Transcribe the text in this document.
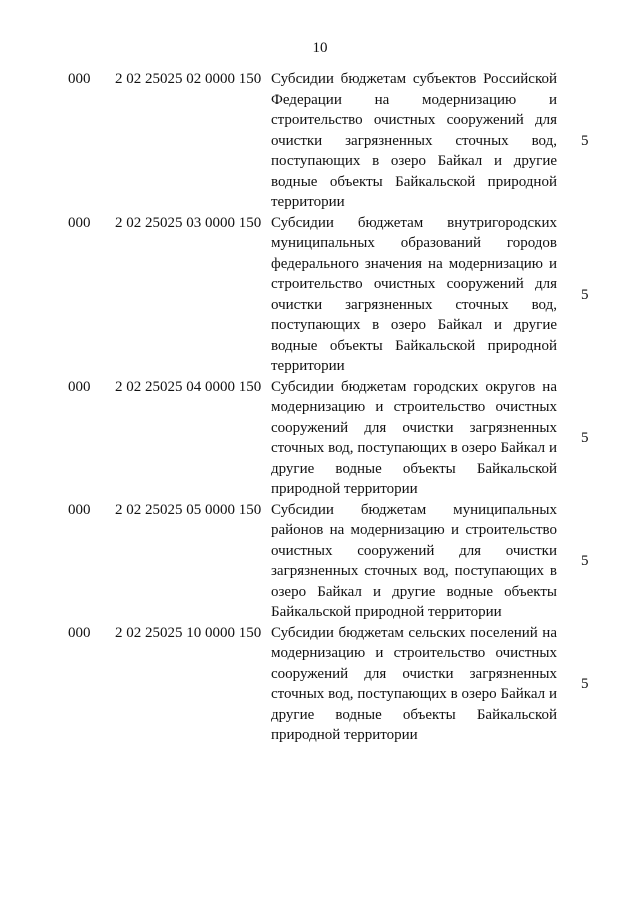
10
000 2 02 25025 02 0000 150 Субсидии бюджетам субъектов Российской Федерации на модернизацию и строительство очистных сооружений для очистки загрязненных сточных вод, поступающих в озеро Байкал и другие водные объекты Байкальской природной территории
5
000 2 02 25025 03 0000 150 Субсидии бюджетам внутригородских муниципальных образований городов федерального значения на модернизацию и строительство очистных сооружений для очистки загрязненных сточных вод, поступающих в озеро Байкал и другие водные объекты Байкальской природной территории
5
000 2 02 25025 04 0000 150 Субсидии бюджетам городских округов на модернизацию и строительство очистных сооружений для очистки загрязненных сточных вод, поступающих в озеро Байкал и другие водные объекты Байкальской природной территории
5
000 2 02 25025 05 0000 150 Субсидии бюджетам муниципальных районов на модернизацию и строительство очистных сооружений для очистки загрязненных сточных вод, поступающих в озеро Байкал и другие водные объекты Байкальской природной территории
5
000 2 02 25025 10 0000 150 Субсидии бюджетам сельских поселений на модернизацию и строительство очистных сооружений для очистки загрязненных сточных вод, поступающих в озеро Байкал и другие водные объекты Байкальской природной территории
5
